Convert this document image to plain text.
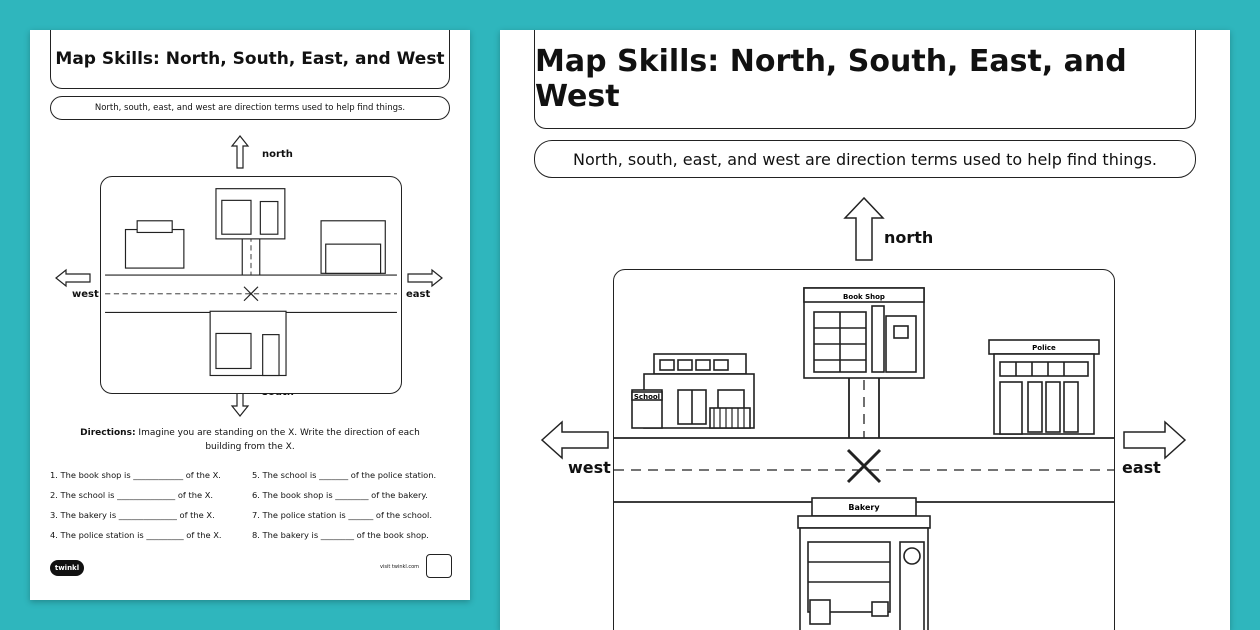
Map Skills: North, South, East, and West
North, south, east, and west are direction terms used to help find things.
north
west	east
Directions: Imagine you are standing on the X. Write the direction of each building from the X.
1. The book shop is ____________ of the X.
2. The school is ______________ of the X.
3. The bakery is ______________ of the X.
4. The police station is _________ of the X.
5. The school is _______ of the police station.
6. The book shop is ________ of the bakery.
7. The police station is ______ of the school.
8. The bakery is ________ of the book shop.
twinkl	visit twinkl.com
Map Skills: North, South, East, and West
North, south, east, and west are direction terms used to help find things.
north
west	east
Book Shop
School
Police
Bakery
